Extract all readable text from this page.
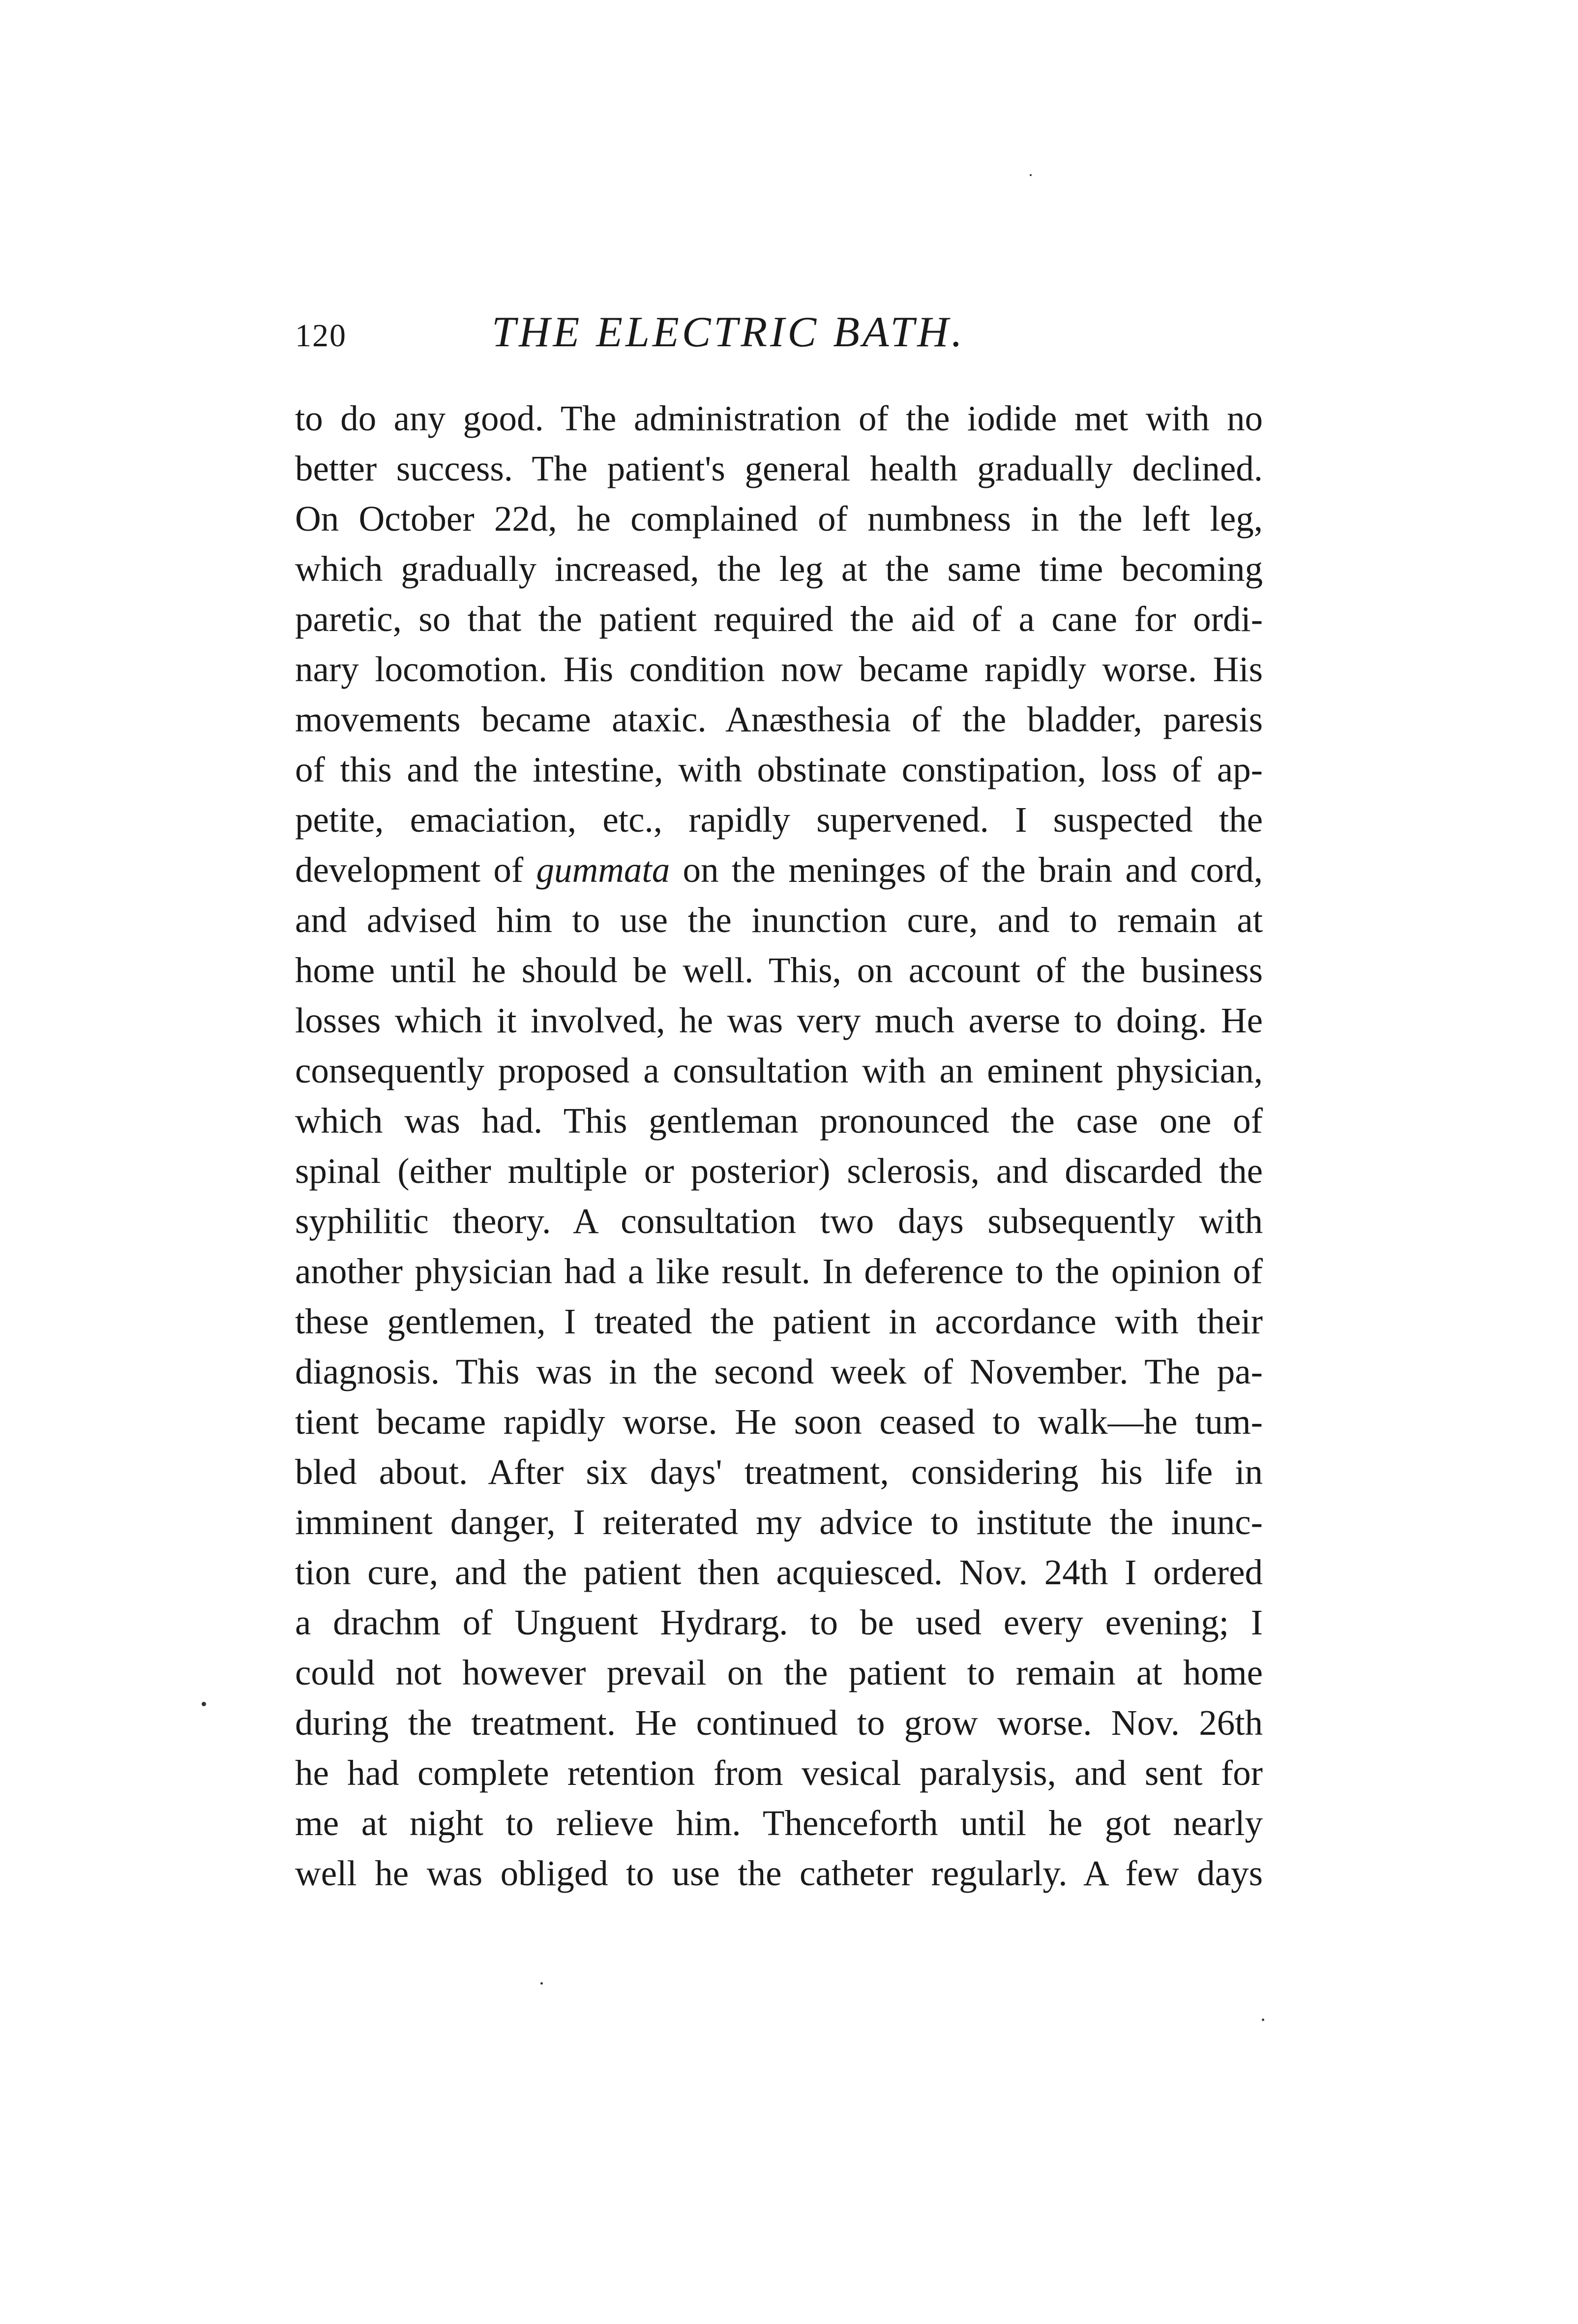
120	THE ELECTRIC BATH.
to do any good. The administration of the iodide met with no
better success. The patient's general health gradually declined.
On October 22d, he complained of numbness in the left leg,
which gradually increased, the leg at the same time becoming
paretic, so that the patient required the aid of a cane for ordi-
nary locomotion. His condition now became rapidly worse. His
movements became ataxic. Anæsthesia of the bladder, paresis
of this and the intestine, with obstinate constipation, loss of ap-
petite, emaciation, etc., rapidly supervened. I suspected the
development of gummata on the meninges of the brain and cord,
and advised him to use the inunction cure, and to remain at
home until he should be well. This, on account of the business
losses which it involved, he was very much averse to doing. He
consequently proposed a consultation with an eminent physician,
which was had. This gentleman pronounced the case one of
spinal (either multiple or posterior) sclerosis, and discarded the
syphilitic theory. A consultation two days subsequently with
another physician had a like result. In deference to the opinion of
these gentlemen, I treated the patient in accordance with their
diagnosis. This was in the second week of November. The pa-
tient became rapidly worse. He soon ceased to walk—he tum-
bled about. After six days' treatment, considering his life in
imminent danger, I reiterated my advice to institute the inunc-
tion cure, and the patient then acquiesced. Nov. 24th I ordered
a drachm of Unguent Hydrarg. to be used every evening; I
could not however prevail on the patient to remain at home
during the treatment. He continued to grow worse. Nov. 26th
he had complete retention from vesical paralysis, and sent for
me at night to relieve him. Thenceforth until he got nearly
well he was obliged to use the catheter regularly. A few days
